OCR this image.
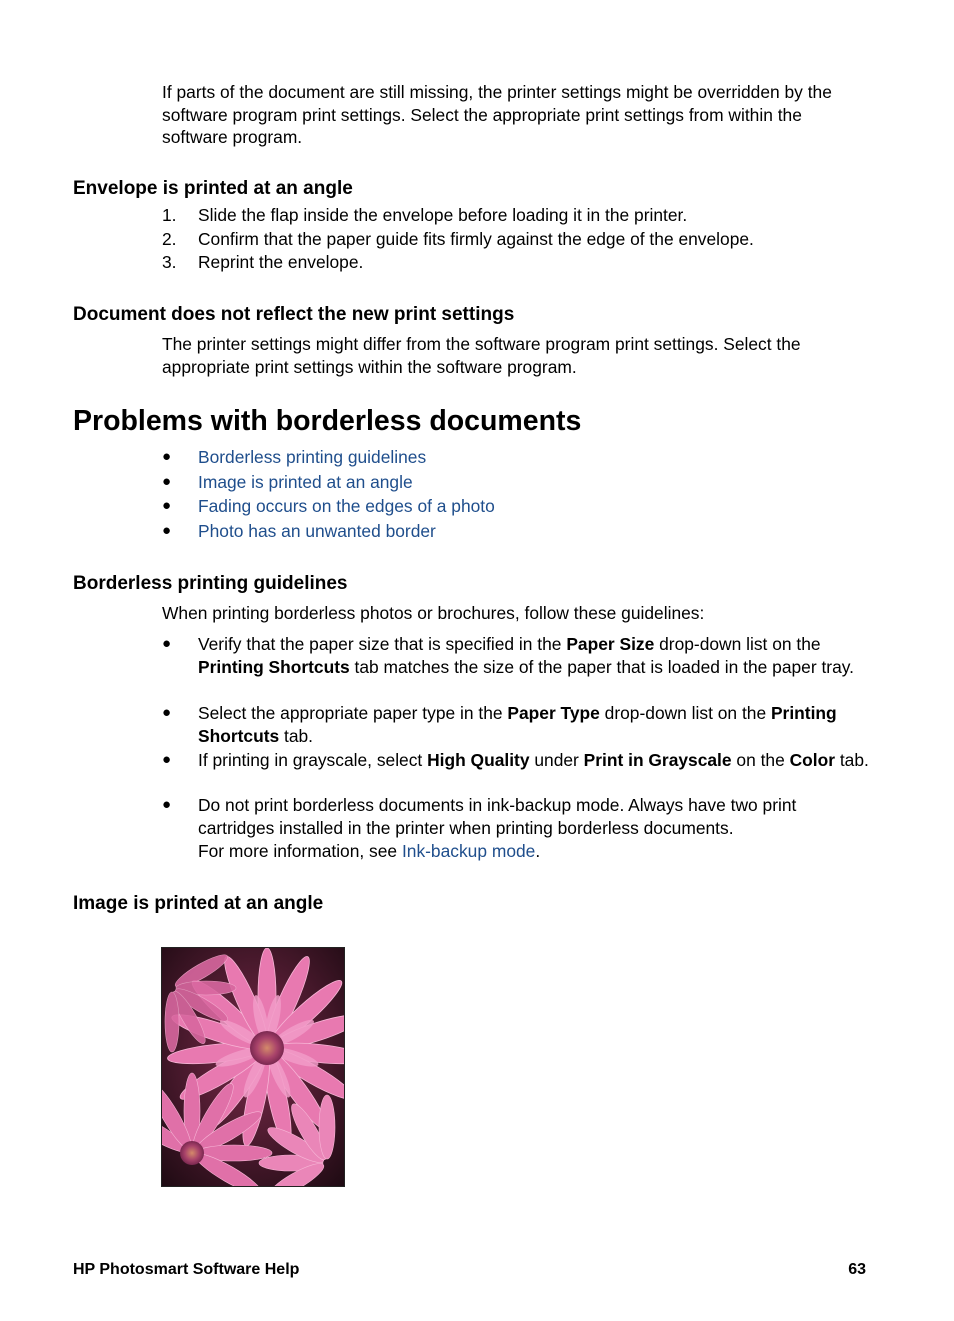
If parts of the document are still missing, the printer settings might be overridden by the software program print settings. Select the appropriate print settings from within the software program.

Envelope is printed at an angle
1.	Slide the flap inside the envelope before loading it in the printer.
2.	Confirm that the paper guide fits firmly against the edge of the envelope.
3.	Reprint the envelope.
Document does not reflect the new print settings

The printer settings might differ from the software program print settings. Select the appropriate print settings within the software program.

Problems with borderless documents
●	Borderless printing guidelines
●	Image is printed at an angle
●	Fading occurs on the edges of a photo
●	Photo has an unwanted border
Borderless printing guidelines

When printing borderless photos or brochures, follow these guidelines:

●	Verify that the paper size that is specified in the Paper Size drop-down list on the Printing Shortcuts tab matches the size of the paper that is loaded in the paper tray.
●	Select the appropriate paper type in the Paper Type drop-down list on the Printing Shortcuts tab.
●	If printing in grayscale, select High Quality under Print in Grayscale on the Color tab.
●	Do not print borderless documents in ink-backup mode. Always have two print cartridges installed in the printer when printing borderless documents.
For more information, see Ink-backup mode.
Image is printed at an angle
HP Photosmart Software Help	63
